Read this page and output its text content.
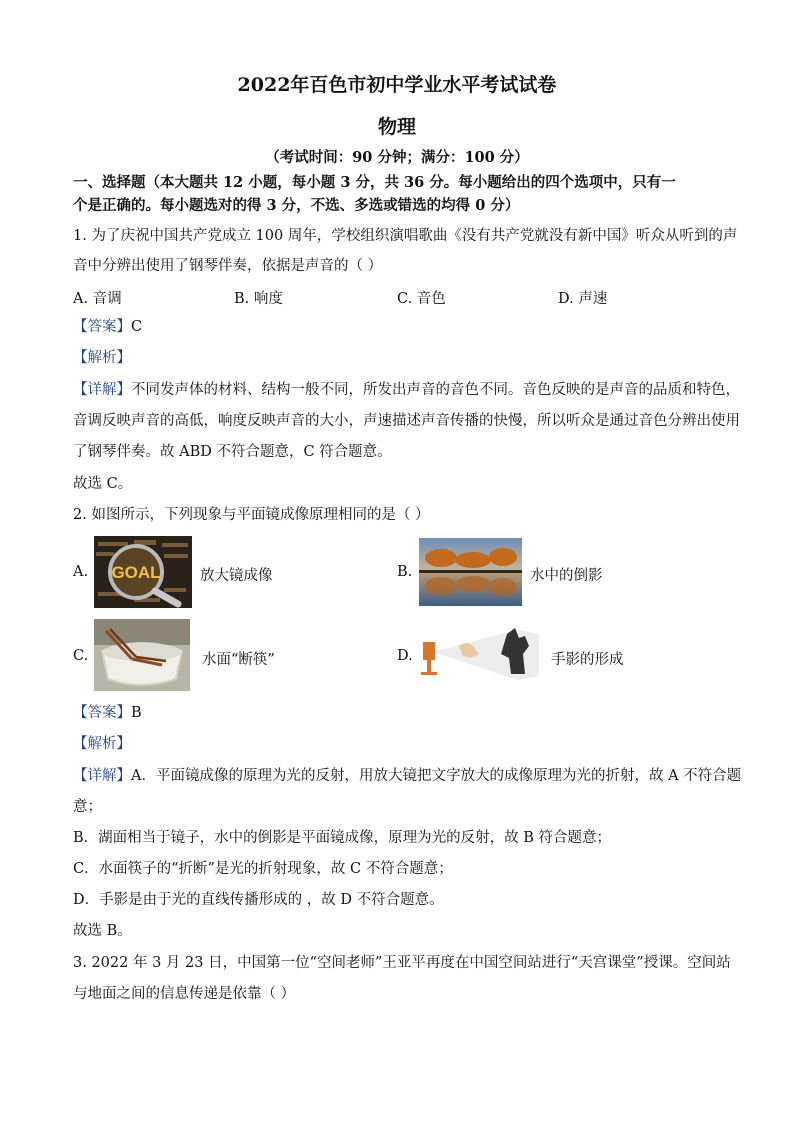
2022年百色市初中学业水平考试试卷
物理
（考试时间：90 分钟；满分：100 分）
一、选择题（本大题共 12 小题，每小题 3 分，共 36 分。每小题给出的四个选项中，只有一
个是正确的。每小题选对的得 3 分，不选、多选或错选的均得 0 分）
1. 为了庆祝中国共产党成立 100 周年，学校组织演唱歌曲《没有共产党就没有新中国》听众从听到的声
音中分辨出使用了钢琴伴奏，依据是声音的（ ）
A. 音调	B. 响度	C. 音色	D. 声速
【答案】C
【解析】
【详解】不同发声体的材料、结构一般不同，所发出声音的音色不同。音色反映的是声音的品质和特色，
音调反映声音的高低，响度反映声音的大小，声速描述声音传播的快慢，所以听众是通过音色分辨出使用
了钢琴伴奏。故 ABD 不符合题意，C 符合题意。
故选 C。
2. 如图所示，下列现象与平面镜成像原理相同的是（ ）
A. GOAL	放大镜成像	B.	水中的倒影
C.	水面“断筷”	D.	手影的形成
【答案】B
【解析】
【详解】A．平面镜成像的原理为光的反射，用放大镜把文字放大的成像原理为光的折射，故 A 不符合题
意；
B．湖面相当于镜子，水中的倒影是平面镜成像，原理为光的反射，故 B 符合题意；
C．水面筷子的“折断”是光的折射现象，故 C 不符合题意；
D．手影是由于光的直线传播形成的 ，故 D 不符合题意。
故选 B。
3. 2022 年 3 月 23 日，中国第一位“空间老师”王亚平再度在中国空间站进行“天宫课堂”授课。空间站
与地面之间的信息传递是依靠（ ）
